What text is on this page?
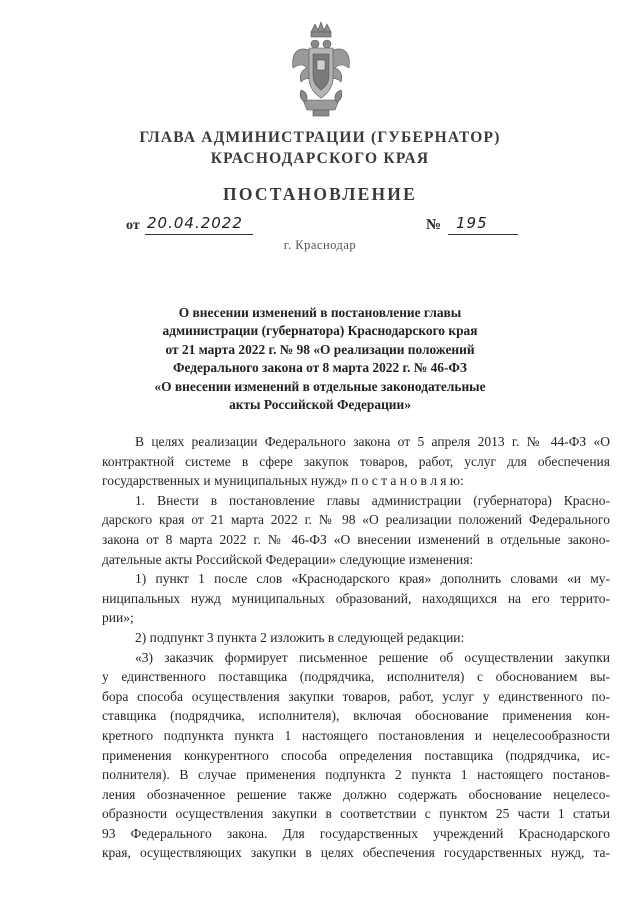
ГЛАВА АДМИНИСТРАЦИИ (ГУБЕРНАТОР)
КРАСНОДАРСКОГО КРАЯ
ПОСТАНОВЛЕНИЕ
от 20.04.2022	№ 195
г. Краснодар
О внесении изменений в постановление главы
администрации (губернатора) Краснодарского края
от 21 марта 2022 г. № 98 «О реализации положений
Федерального закона от 8 марта 2022 г. № 46-ФЗ
«О внесении изменений в отдельные законодательные
акты Российской Федерации»
В целях реализации Федерального закона от 5 апреля 2013 г. № 44-ФЗ «О
контрактной системе в сфере закупок товаров, работ, услуг для обеспечения
государственных и муниципальных нужд» п о с т а н о в л я ю:
1. Внести в постановление главы администрации (губернатора) Красно-
дарского края от 21 марта 2022 г. № 98 «О реализации положений Федерального
закона от 8 марта 2022 г. № 46-ФЗ «О внесении изменений в отдельные законо-
дательные акты Российской Федерации» следующие изменения:
1) пункт 1 после слов «Краснодарского края» дополнить словами «и му-
ниципальных нужд муниципальных образований, находящихся на его террито-
рии»;
2) подпункт 3 пункта 2 изложить в следующей редакции:
«3) заказчик формирует письменное решение об осуществлении закупки
у единственного поставщика (подрядчика, исполнителя) с обоснованием вы-
бора способа осуществления закупки товаров, работ, услуг у единственного по-
ставщика (подрядчика, исполнителя), включая обоснование применения кон-
кретного подпункта пункта 1 настоящего постановления и нецелесообразности
применения конкурентного способа определения поставщика (подрядчика, ис-
полнителя). В случае применения подпункта 2 пункта 1 настоящего постанов-
ления обозначенное решение также должно содержать обоснование нецелесо-
образности осуществления закупки в соответствии с пунктом 25 части 1 статьи
93 Федерального закона. Для государственных учреждений Краснодарского
края, осуществляющих закупки в целях обеспечения государственных нужд, та-
